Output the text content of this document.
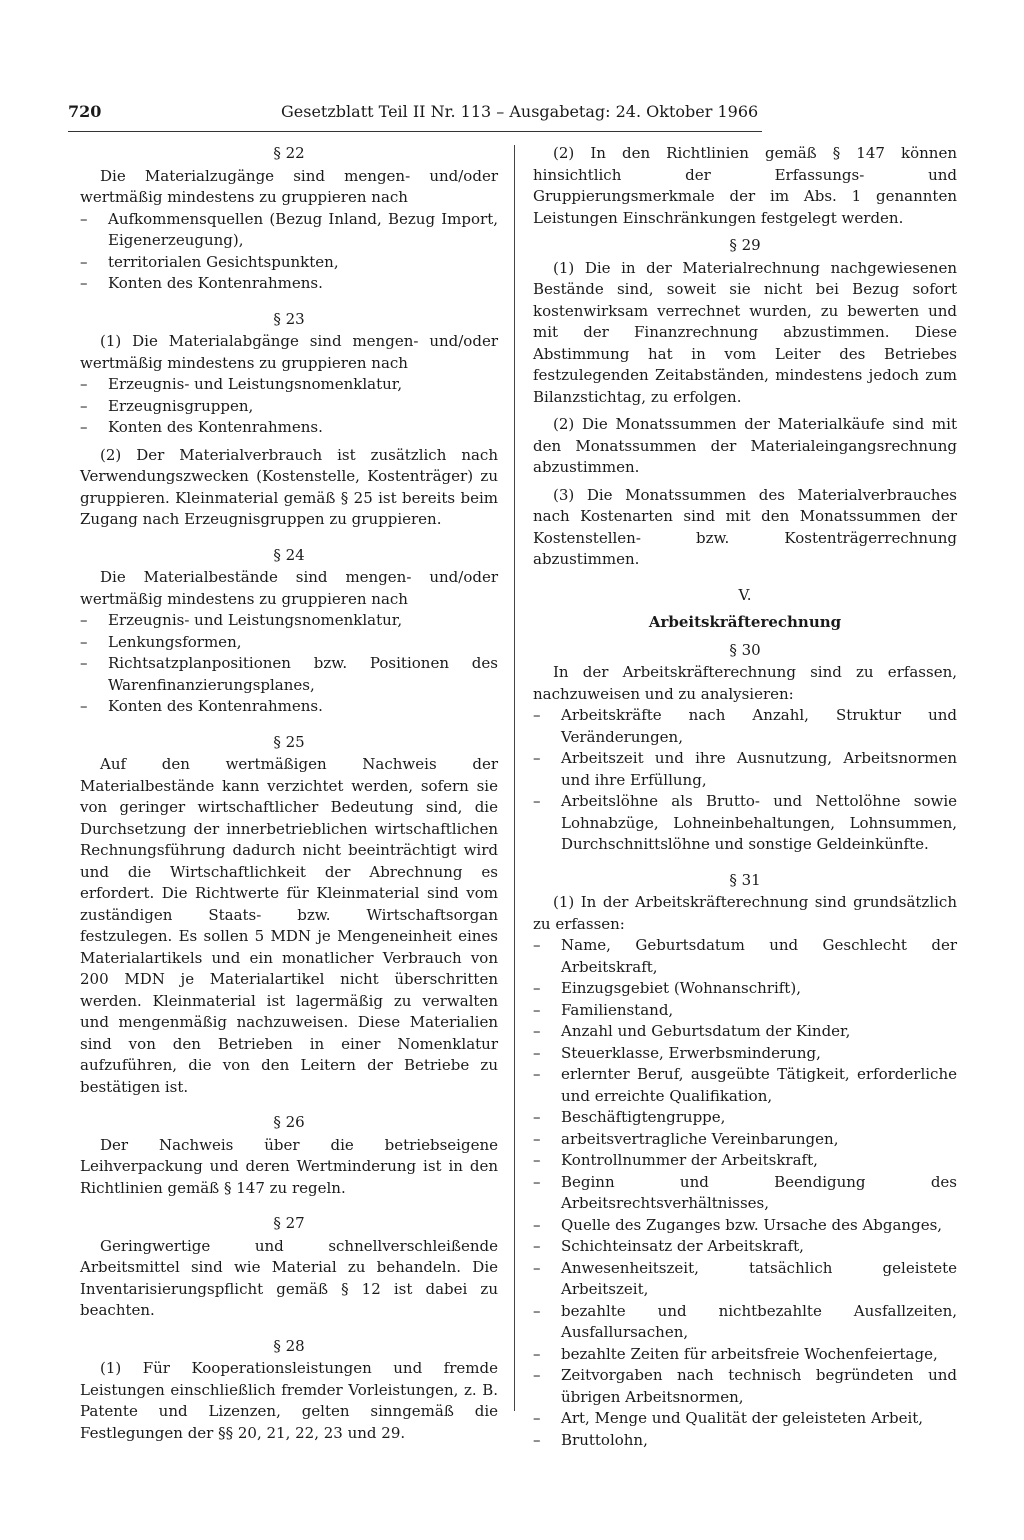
720	Gesetzblatt Teil II Nr. 113 – Ausgabetag: 24. Oktober 1966
§ 22

Die Materialzugänge sind mengen- und/oder wertmäßig mindestens zu gruppieren nach

– Aufkommensquellen (Bezug Inland, Bezug Import, Eigenerzeugung),
– territorialen Gesichtspunkten,
– Konten des Kontenrahmens.
§ 23

(1) Die Materialabgänge sind mengen- und/oder wertmäßig mindestens zu gruppieren nach

– Erzeugnis- und Leistungsnomenklatur,
– Erzeugnisgruppen,
– Konten des Kontenrahmens.

(2) Der Materialverbrauch ist zusätzlich nach Verwendungszwecken (Kostenstelle, Kostenträger) zu gruppieren. Kleinmaterial gemäß § 25 ist bereits beim Zugang nach Erzeugnisgruppen zu gruppieren.

§ 24

Die Materialbestände sind mengen- und/oder wertmäßig mindestens zu gruppieren nach

– Erzeugnis- und Leistungsnomenklatur,
– Lenkungsformen,
– Richtsatzplanpositionen bzw. Positionen des Warenfinanzierungsplanes,
– Konten des Kontenrahmens.
§ 25

Auf den wertmäßigen Nachweis der Materialbestände kann verzichtet werden, sofern sie von geringer wirtschaftlicher Bedeutung sind, die Durchsetzung der innerbetrieblichen wirtschaftlichen Rechnungsführung dadurch nicht beeinträchtigt wird und die Wirtschaftlichkeit der Abrechnung es erfordert. Die Richtwerte für Kleinmaterial sind vom zuständigen Staats- bzw. Wirtschaftsorgan festzulegen. Es sollen 5 MDN je Mengeneinheit eines Materialartikels und ein monatlicher Verbrauch von 200 MDN je Materialartikel nicht überschritten werden. Kleinmaterial ist lagermäßig zu verwalten und mengenmäßig nachzuweisen. Diese Materialien sind von den Betrieben in einer Nomenklatur aufzuführen, die von den Leitern der Betriebe zu bestätigen ist.

§ 26

Der Nachweis über die betriebseigene Leihverpackung und deren Wertminderung ist in den Richtlinien gemäß § 147 zu regeln.

§ 27

Geringwertige und schnellverschleißende Arbeitsmittel sind wie Material zu behandeln. Die Inventarisierungspflicht gemäß § 12 ist dabei zu beachten.

§ 28

(1) Für Kooperationsleistungen und fremde Leistungen einschließlich fremder Vorleistungen, z. B. Patente und Lizenzen, gelten sinngemäß die Festlegungen der §§ 20, 21, 22, 23 und 29.

(2) In den Richtlinien gemäß § 147 können hinsichtlich der Erfassungs- und Gruppierungsmerkmale der im Abs. 1 genannten Leistungen Einschränkungen festgelegt werden.

§ 29

(1) Die in der Materialrechnung nachgewiesenen Bestände sind, soweit sie nicht bei Bezug sofort kostenwirksam verrechnet wurden, zu bewerten und mit der Finanzrechnung abzustimmen. Diese Abstimmung hat in vom Leiter des Betriebes festzulegenden Zeitabständen, mindestens jedoch zum Bilanzstichtag, zu erfolgen.

(2) Die Monatssummen der Materialkäufe sind mit den Monatssummen der Materialeingangsrechnung abzustimmen.

(3) Die Monatssummen des Materialverbrauches nach Kostenarten sind mit den Monatssummen der Kostenstellen- bzw. Kostenträgerrechnung abzustimmen.

V.
Arbeitskräfterechnung
§ 30

In der Arbeitskräfterechnung sind zu erfassen, nachzuweisen und zu analysieren:

– Arbeitskräfte nach Anzahl, Struktur und Veränderungen,
– Arbeitszeit und ihre Ausnutzung, Arbeitsnormen und ihre Erfüllung,
– Arbeitslöhne als Brutto- und Nettolöhne sowie Lohnabzüge, Lohneinbehaltungen, Lohnsummen, Durchschnittslöhne und sonstige Geldeinkünfte.
§ 31

(1) In der Arbeitskräfterechnung sind grundsätzlich zu erfassen:

– Name, Geburtsdatum und Geschlecht der Arbeitskraft,
– Einzugsgebiet (Wohnanschrift),
– Familienstand,
– Anzahl und Geburtsdatum der Kinder,
– Steuerklasse, Erwerbsminderung,
– erlernter Beruf, ausgeübte Tätigkeit, erforderliche und erreichte Qualifikation,
– Beschäftigtengruppe,
– arbeitsvertragliche Vereinbarungen,
– Kontrollnummer der Arbeitskraft,
– Beginn und Beendigung des Arbeitsrechtsverhältnisses,
– Quelle des Zuganges bzw. Ursache des Abganges,
– Schichteinsatz der Arbeitskraft,
– Anwesenheitszeit, tatsächlich geleistete Arbeitszeit,
– bezahlte und nichtbezahlte Ausfallzeiten, Ausfallursachen,
– bezahlte Zeiten für arbeitsfreie Wochenfeiertage,
– Zeitvorgaben nach technisch begründeten und übrigen Arbeitsnormen,
– Art, Menge und Qualität der geleisteten Arbeit,
– Bruttolohn,
